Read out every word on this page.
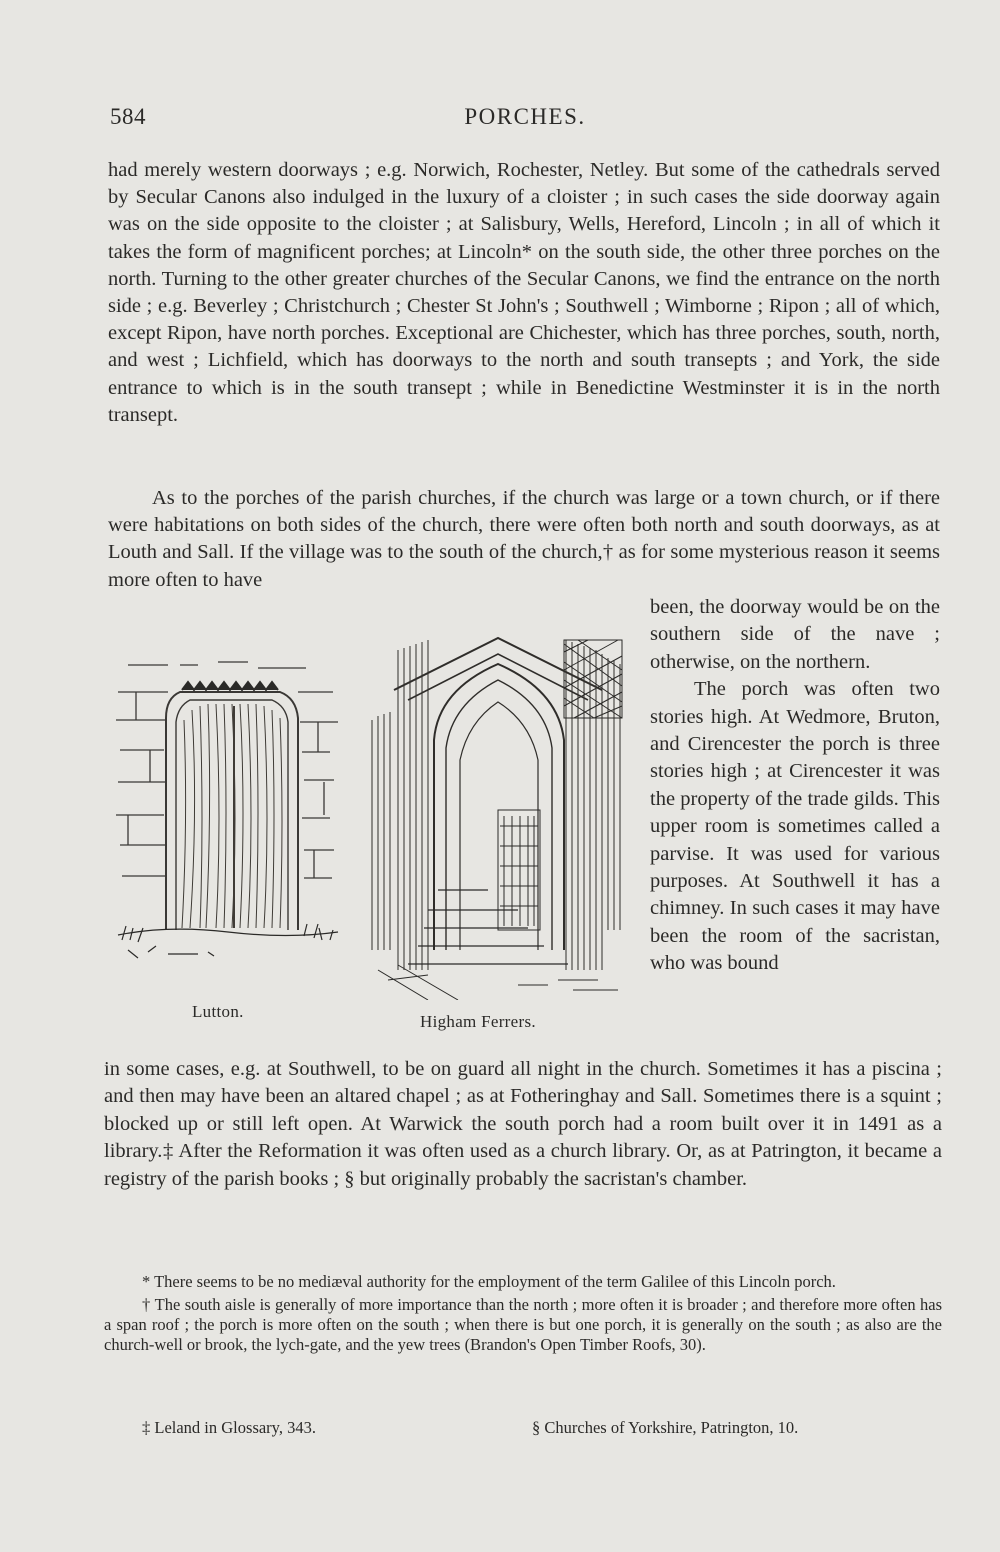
584	PORCHES.

had merely western doorways ; e.g. Norwich, Rochester, Netley. But some of the cathedrals served by Secular Canons also indulged in the luxury of a cloister ; in such cases the side doorway again was on the side opposite to the cloister ; at Salisbury, Wells, Hereford, Lincoln ; in all of which it takes the form of magnificent porches; at Lincoln* on the south side, the other three porches on the north. Turning to the other greater churches of the Secular Canons, we find the entrance on the north side ; e.g. Beverley ; Christchurch ; Chester St John's ; Southwell ; Wimborne ; Ripon ; all of which, except Ripon, have north porches. Exceptional are Chichester, which has three porches, south, north, and west ; Lichfield, which has doorways to the north and south transepts ; and York, the side entrance to which is in the south transept ; while in Benedictine Westminster it is in the north transept.

As to the porches of the parish churches, if the church was large or a town church, or if there were habitations on both sides of the church, there were often both north and south doorways, as at Louth and Sall. If the village was to the south of the church,† as for some mysterious reason it seems more often to have

Lutton.
Higham Ferrers.

been, the doorway would be on the southern side of the nave ; otherwise, on the northern.

The porch was often two stories high. At Wedmore, Bruton, and Cirencester the porch is three stories high ; at Cirencester it was the property of the trade gilds. This upper room is sometimes called a parvise. It was used for various purposes. At Southwell it has a chimney. In such cases it may have been the room of the sacristan, who was bound

in some cases, e.g. at Southwell, to be on guard all night in the church. Sometimes it has a piscina ; and then may have been an altared chapel ; as at Fotheringhay and Sall. Sometimes there is a squint ; blocked up or still left open. At Warwick the south porch had a room built over it in 1491 as a library.‡ After the Reformation it was often used as a church library. Or, as at Patrington, it became a registry of the parish books ; § but originally probably the sacristan's chamber.

* There seems to be no mediæval authority for the employment of the term Galilee of this Lincoln porch.

† The south aisle is generally of more importance than the north ; more often it is broader ; and therefore more often has a span roof ; the porch is more often on the south ; when there is but one porch, it is generally on the south ; as also are the church-well or brook, the lych-gate, and the yew trees (Brandon's Open Timber Roofs, 30).

‡ Leland in Glossary, 343.	§ Churches of Yorkshire, Patrington, 10.
